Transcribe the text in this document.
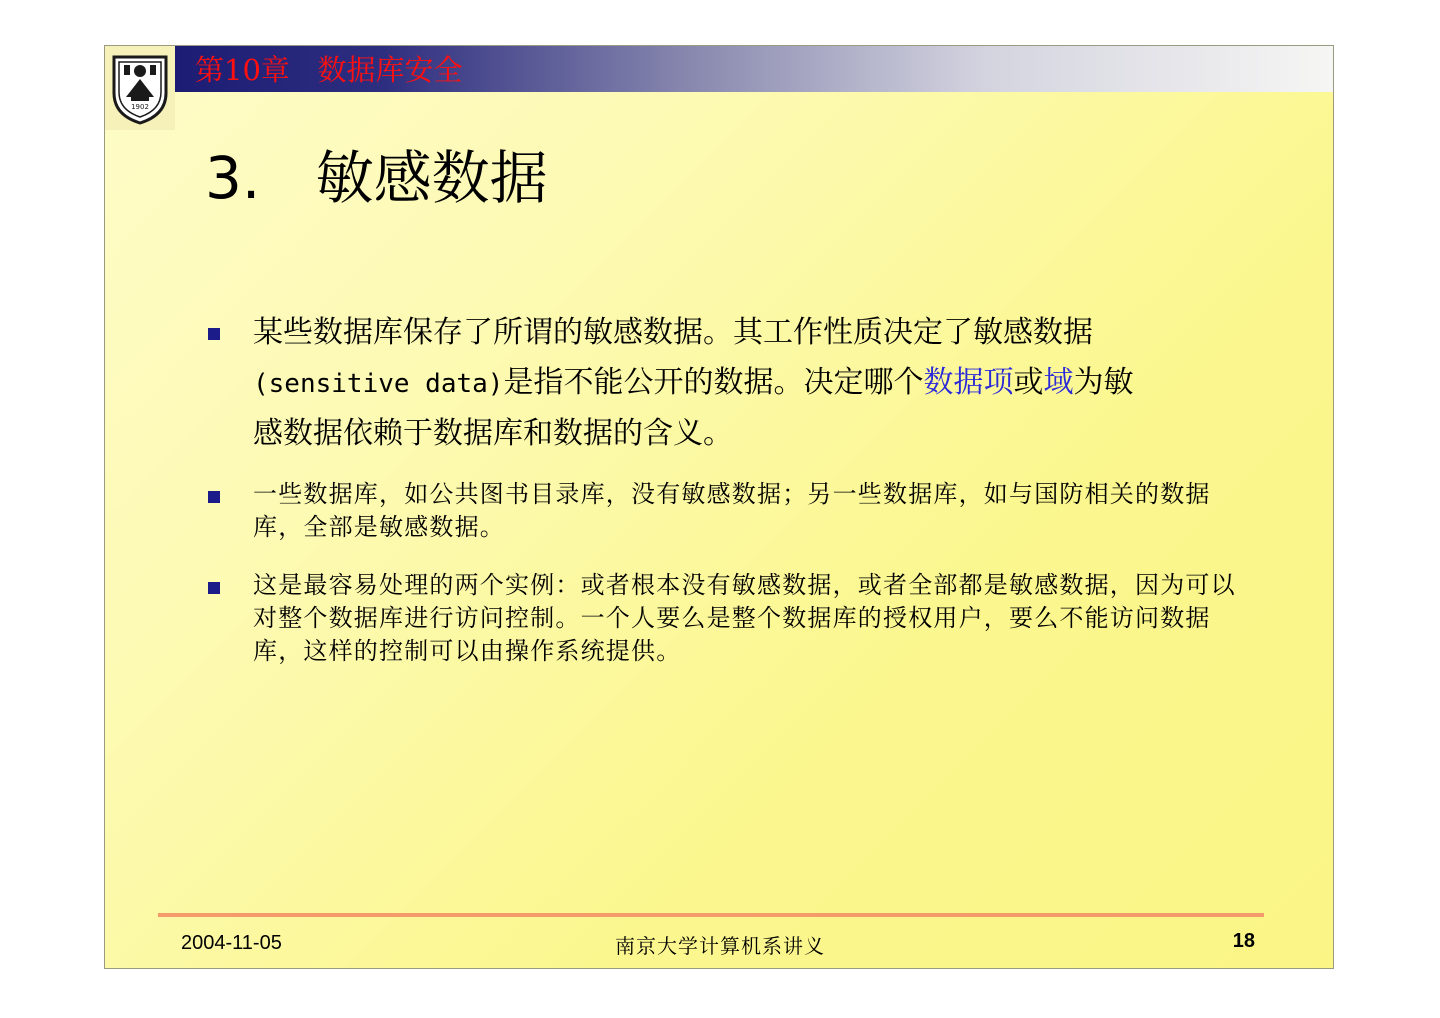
1902
第10章   数据库安全
3.   敏感数据
某些数据库保存了所谓的敏感数据。其工作性质决定了敏感数据
(sensitive data)是指不能公开的数据。决定哪个数据项或域为敏
感数据依赖于数据库和数据的含义。
一些数据库，如公共图书目录库，没有敏感数据；另一些数据库，如与国防相关的数据库，全部是敏感数据。
这是最容易处理的两个实例：或者根本没有敏感数据，或者全部都是敏感数据，因为可以对整个数据库进行访问控制。一个人要么是整个数据库的授权用户，要么不能访问数据库，这样的控制可以由操作系统提供。
2004-11-05	南京大学计算机系讲义	18
